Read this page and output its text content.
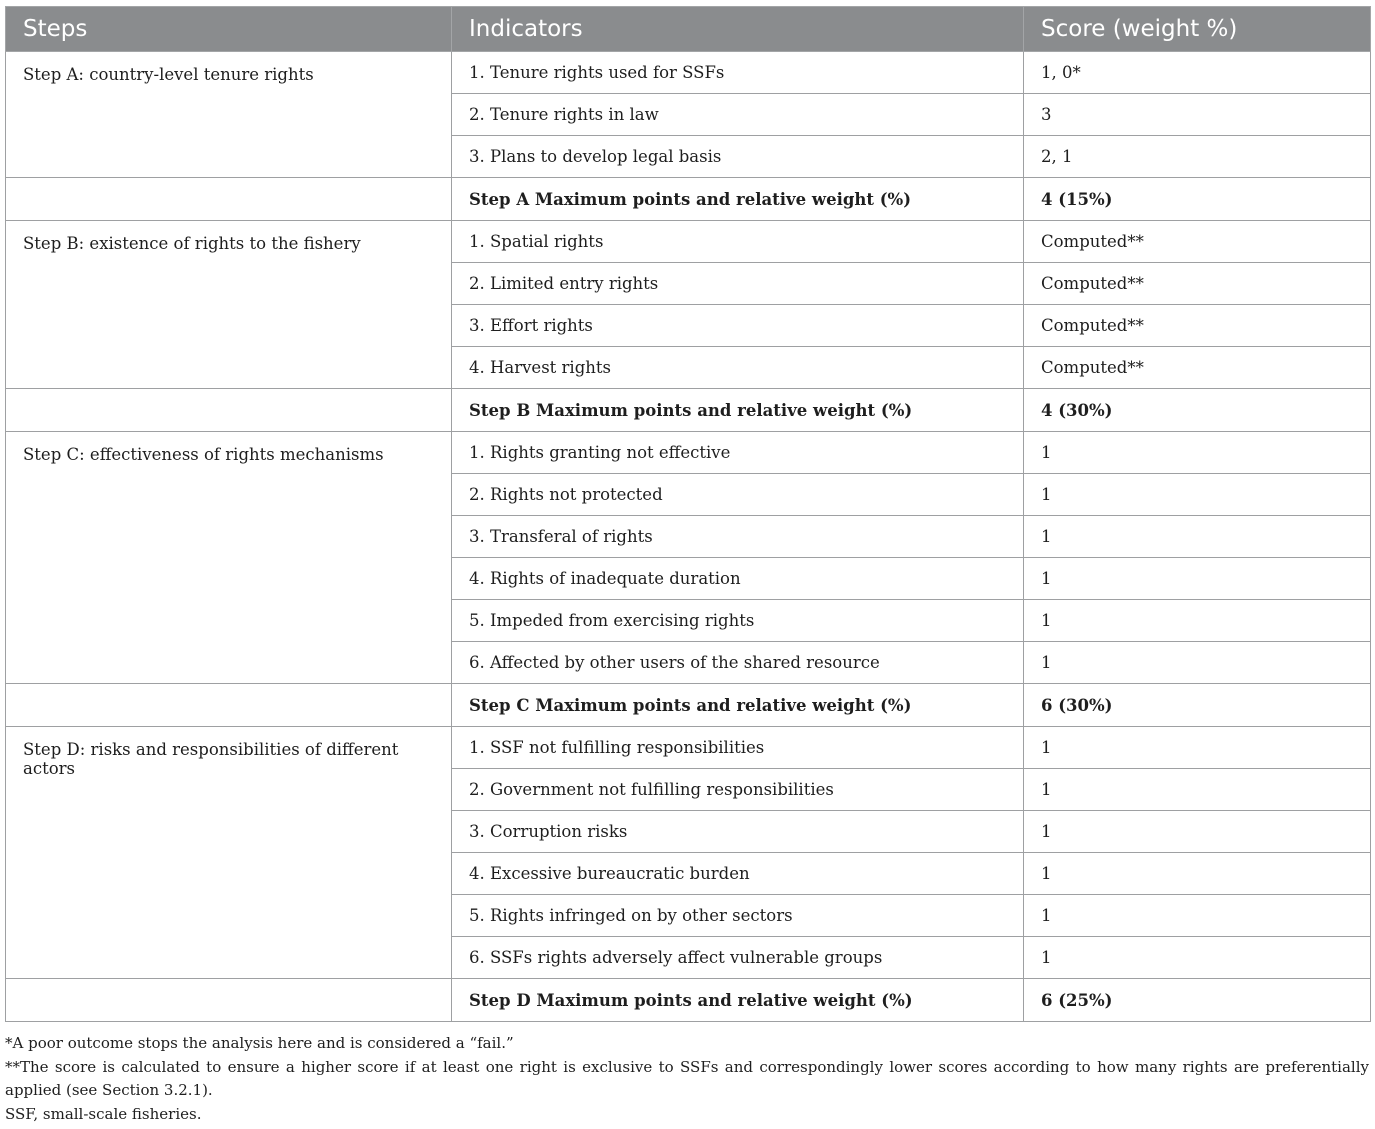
Steps	Indicators	Score (weight %)
Step A: country-level tenure rights	1. Tenure rights used for SSFs	1, 0*
	2. Tenure rights in law	3
	3. Plans to develop legal basis	2, 1
	Step A Maximum points and relative weight (%)	4 (15%)
Step B: existence of rights to the fishery	1. Spatial rights	Computed**
	2. Limited entry rights	Computed**
	3. Effort rights	Computed**
	4. Harvest rights	Computed**
	Step B Maximum points and relative weight (%)	4 (30%)
Step C: effectiveness of rights mechanisms	1. Rights granting not effective	1
	2. Rights not protected	1
	3. Transferal of rights	1
	4. Rights of inadequate duration	1
	5. Impeded from exercising rights	1
	6. Affected by other users of the shared resource	1
	Step C Maximum points and relative weight (%)	6 (30%)
Step D: risks and responsibilities of different actors	1. SSF not fulfilling responsibilities	1
	2. Government not fulfilling responsibilities	1
	3. Corruption risks	1
	4. Excessive bureaucratic burden	1
	5. Rights infringed on by other sectors	1
	6. SSFs rights adversely affect vulnerable groups	1
	Step D Maximum points and relative weight (%)	6 (25%)

*A poor outcome stops the analysis here and is considered a “fail.”

**The score is calculated to ensure a higher score if at least one right is exclusive to SSFs and correspondingly lower scores according to how many rights are preferentially applied (see Section 3.2.1).

SSF, small-scale fisheries.
